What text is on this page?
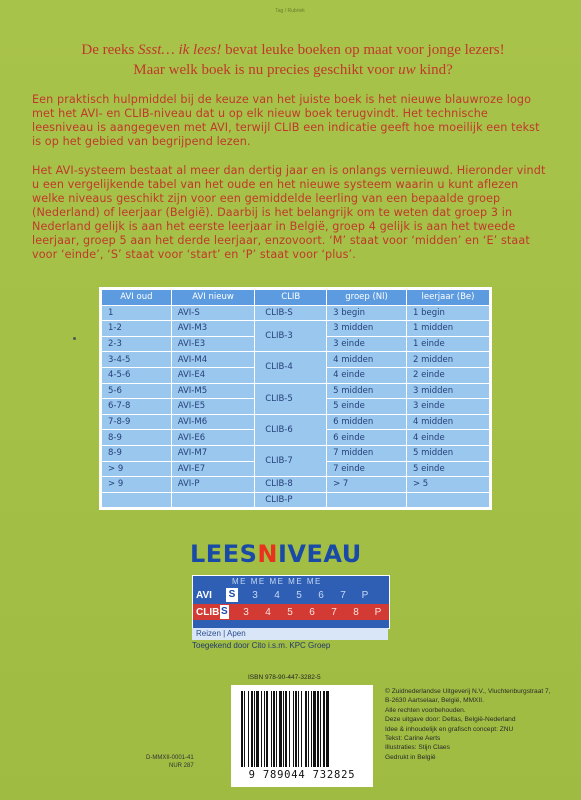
Tag / Rubriek
De reeks Ssst… ik lees! bevat leuke boeken op maat voor jonge lezers!
Maar welk boek is nu precies geschikt voor uw kind?
Een praktisch hulpmiddel bij de keuze van het juiste boek is het nieuwe blauwroze logo met het AVI- en CLIB-niveau dat u op elk nieuw boek terugvindt. Het technische leesniveau is aangegeven met AVI, terwijl CLIB een indicatie geeft hoe moeilijk een tekst is op het gebied van begrijpend lezen.
Het AVI-systeem bestaat al meer dan dertig jaar en is onlangs vernieuwd. Hieronder vindt u een vergelijkende tabel van het oude en het nieuwe systeem waarin u kunt aflezen welke niveaus geschikt zijn voor een gemiddelde leerling van een bepaalde groep (Nederland) of leerjaar (België). Daarbij is het belangrijk om te weten dat groep 3 in Nederland gelijk is aan het eerste leerjaar in België, groep 4 gelijk is aan het tweede leerjaar, groep 5 aan het derde leerjaar, enzovoort. ‘M’ staat voor ‘midden’ en ‘E’ staat voor ‘einde’, ‘S’ staat voor ‘start’ en ‘P’ staat voor ‘plus’.
AVI oud	AVI nieuw	CLIB	groep (Nl)	leerjaar (Be)
1	AVI-S	CLIB-S	3 begin	1 begin
1-2	AVI-M3	CLIB-3	3 midden	1 midden
2-3	AVI-E3		3 einde	1 einde
3-4-5	AVI-M4	CLIB-4	4 midden	2 midden
4-5-6	AVI-E4		4 einde	2 einde
5-6	AVI-M5	CLIB-5	5 midden	3 midden
6-7-8	AVI-E5		5 einde	3 einde
7-8-9	AVI-M6	CLIB-6	6 midden	4 midden
8-9	AVI-E6		6 einde	4 einde
8-9	AVI-M7	CLIB-7	7 midden	5 midden
> 9	AVI-E7		7 einde	5 einde
> 9	AVI-P	CLIB-8	> 7	> 5
		CLIB-P		
LEESNIVEAU
ME ME ME ME ME
AVI	S	3	4	5	6	7	P
CLIB S	3	4	5	6	7	8	P
Reizen | Apen
Toegekend door Cito i.s.m. KPC Groep
ISBN 978-90-447-3282-5
9 789044 732825
© Zuidnederlandse Uitgeverij N.V., Vluchtenburgstraat 7,
B-2630 Aartselaar, België, MMXII.
Alle rechten voorbehouden.
Deze uitgave door: Deltas, België-Nederland
Idee & inhoudelijk en grafisch concept: ZNU
Tekst: Carine Aerts
Illustraties: Stijn Claes
Gedrukt in België
D-MMXII-0001-41
NUR 287
